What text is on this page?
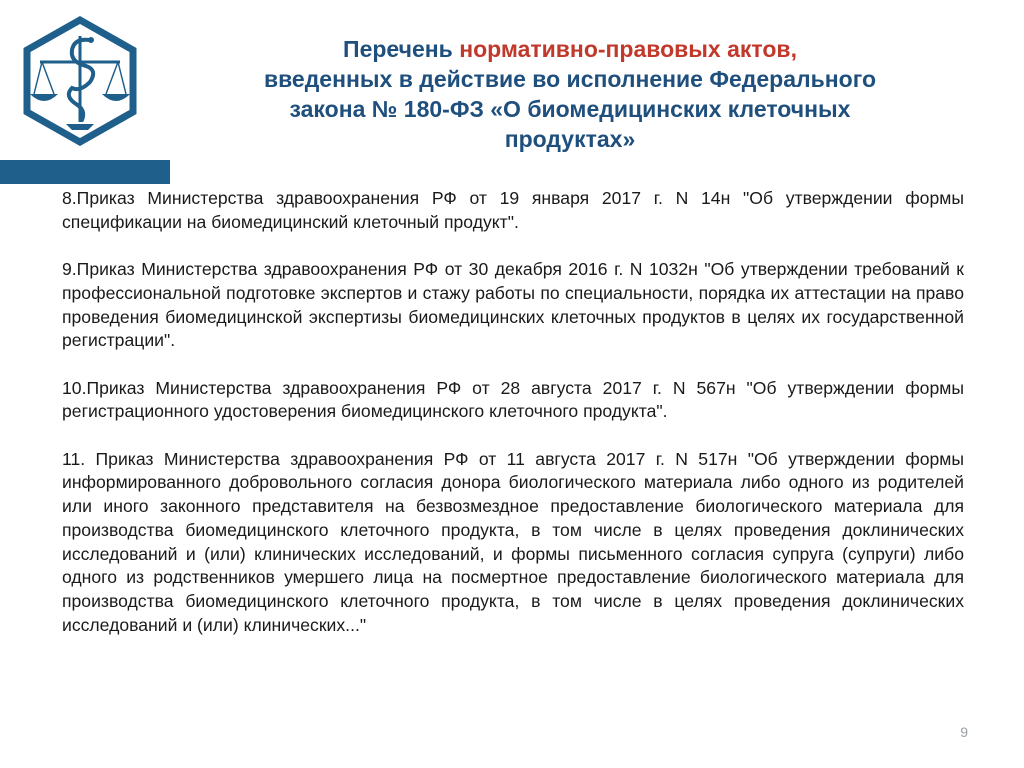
Перечень нормативно-правовых актов,
введенных в действие во исполнение Федерального
закона № 180-ФЗ «О биомедицинских клеточных
продуктах»

8.Приказ Министерства здравоохранения РФ от 19 января 2017 г. N 14н "Об утверждении формы спецификации на биомедицинский клеточный продукт".

9.Приказ Министерства здравоохранения РФ от 30 декабря 2016 г. N 1032н "Об утверждении требований к профессиональной подготовке экспертов и стажу работы по специальности, порядка их аттестации на право проведения биомедицинской экспертизы биомедицинских клеточных продуктов в целях их государственной регистрации".

10.Приказ Министерства здравоохранения РФ от 28 августа 2017 г. N 567н "Об утверждении формы регистрационного удостоверения биомедицинского клеточного продукта".

11. Приказ Министерства здравоохранения РФ от 11 августа 2017 г. N 517н "Об утверждении формы информированного добровольного согласия донора биологического материала либо одного из родителей или иного законного представителя на безвозмездное предоставление биологического материала для производства биомедицинского клеточного продукта, в том числе в целях проведения доклинических исследований и (или) клинических исследований, и формы письменного согласия супруга (супруги) либо одного из родственников умершего лица на посмертное предоставление биологического материала для производства биомедицинского клеточного продукта, в том числе в целях проведения доклинических исследований и (или) клинических..."

9
